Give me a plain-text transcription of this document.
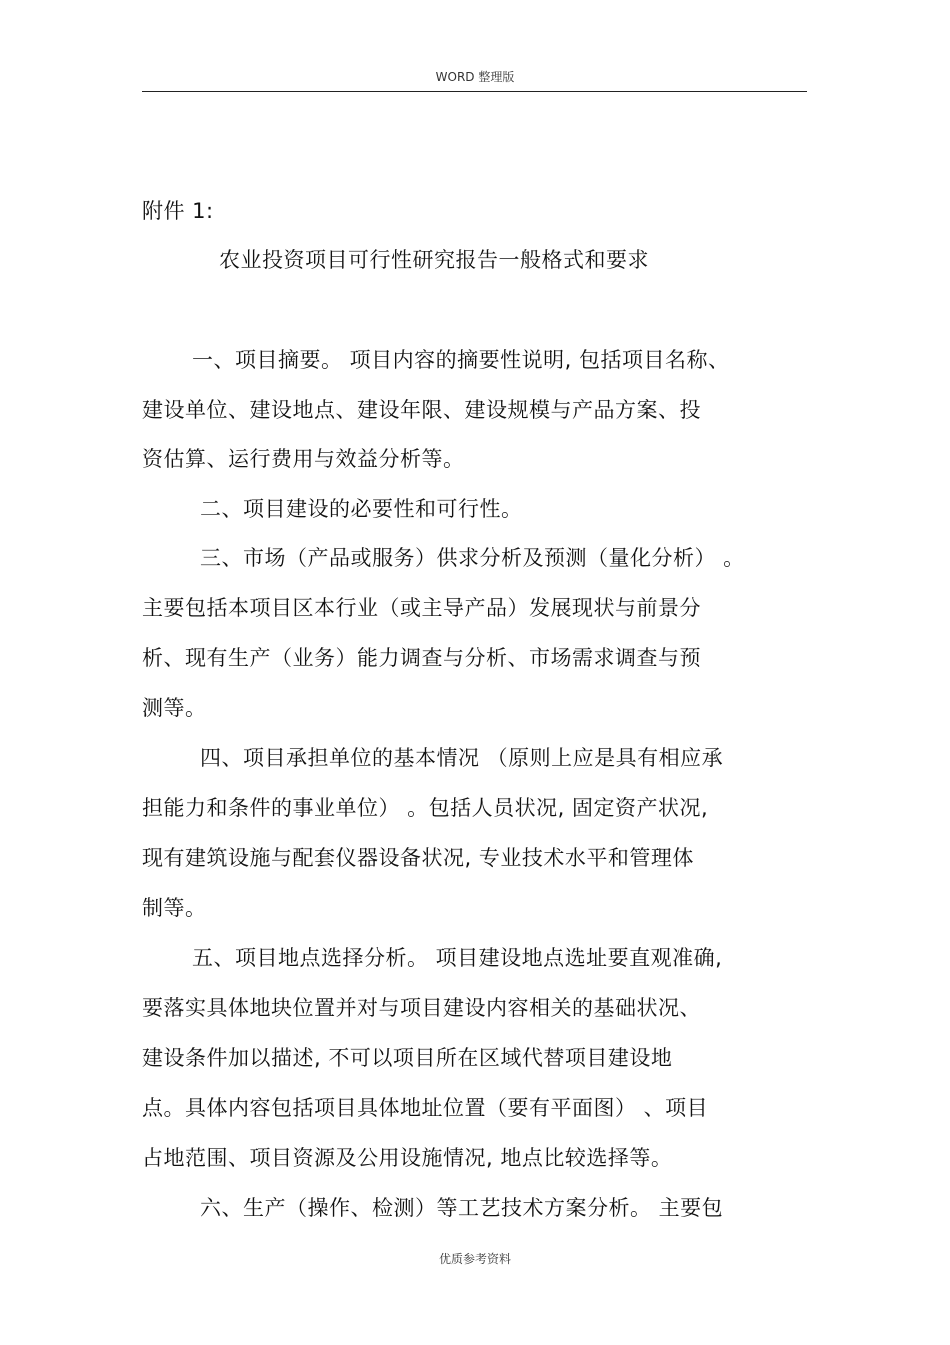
WORD 整理版
附件 1:
农业投资项目可行性研究报告一般格式和要求
一、项目摘要。 项目内容的摘要性说明, 包括项目名称、
建设单位、建设地点、建设年限、建设规模与产品方案、投
资估算、运行费用与效益分析等。
二、项目建设的必要性和可行性。
三、市场（产品或服务）供求分析及预测（量化分析） 。
主要包括本项目区本行业（或主导产品）发展现状与前景分
析、现有生产（业务）能力调查与分析、市场需求调查与预
测等。
四、项目承担单位的基本情况 （原则上应是具有相应承
担能力和条件的事业单位） 。包括人员状况, 固定资产状况,
现有建筑设施与配套仪器设备状况, 专业技术水平和管理体
制等。
五、项目地点选择分析。 项目建设地点选址要直观准确,
要落实具体地块位置并对与项目建设内容相关的基础状况、
建设条件加以描述, 不可以项目所在区域代替项目建设地
点。具体内容包括项目具体地址位置（要有平面图） 、项目
占地范围、项目资源及公用设施情况, 地点比较选择等。
六、生产（操作、检测）等工艺技术方案分析。 主要包
优质参考资料
